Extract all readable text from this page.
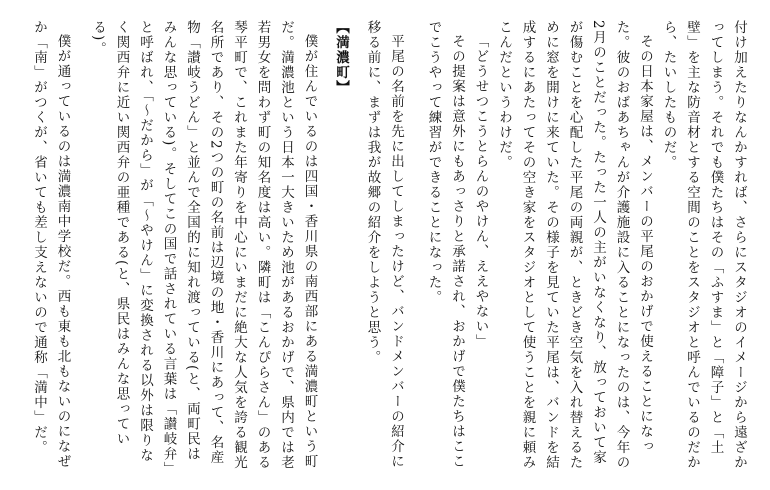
付け加えたりなんかすれば、さらにスタジオのイメージから遠ざかってしまう。それでも僕たちはその「ふすま」と「障子」と「土壁」を主な防音材とする空間のことをスタジオと呼んでいるのだから、たいしたものだ。

その日本家屋は、メンバーの平尾のおかげで使えることになった。彼のおばあちゃんが介護施設に入ることになったのは、今年の2月のことだった。たった一人の主がいなくなり、放っておいて家が傷むことを心配した平尾の両親が、ときどき空気を入れ替えるために窓を開けに来ていた。その様子を見ていた平尾は、バンドを結成するにあたってその空き家をスタジオとして使うことを親に頼みこんだというわけだ。

「どうせつこうとらんのやけん、ええやない」

その提案は意外にもあっさりと承諾され、おかげで僕たちはここでこうやって練習ができることになった。

平尾の名前を先に出してしまったけど、バンドメンバーの紹介に移る前に、まずは我が故郷の紹介をしようと思う。

【満濃町】

僕が住んでいるのは四国・香川県の南西部にある満濃町という町だ。満濃池という日本一大きいため池があるおかげで、県内では老若男女を問わず町の知名度は高い。隣町は「こんぴらさん」のある琴平町で、これまた年寄りを中心にいまだに絶大な人気を誇る観光名所であり、その2つの町の名前は辺境の地・香川にあって、名産物「讃岐うどん」と並んで全国的に知れ渡っている(と、両町民はみんな思っている)。そしてこの国で話されている言葉は「讃岐弁」と呼ばれ、「〜だから」が「〜やけん」に変換される以外は限りなく関西弁に近い関西弁の亜種である(と、県民はみんな思っている)。

僕が通っているのは満濃南中学校だ。西も東も北もないのになぜか「南」がつくが、省いても差し支えないので通称「満中」だ。
